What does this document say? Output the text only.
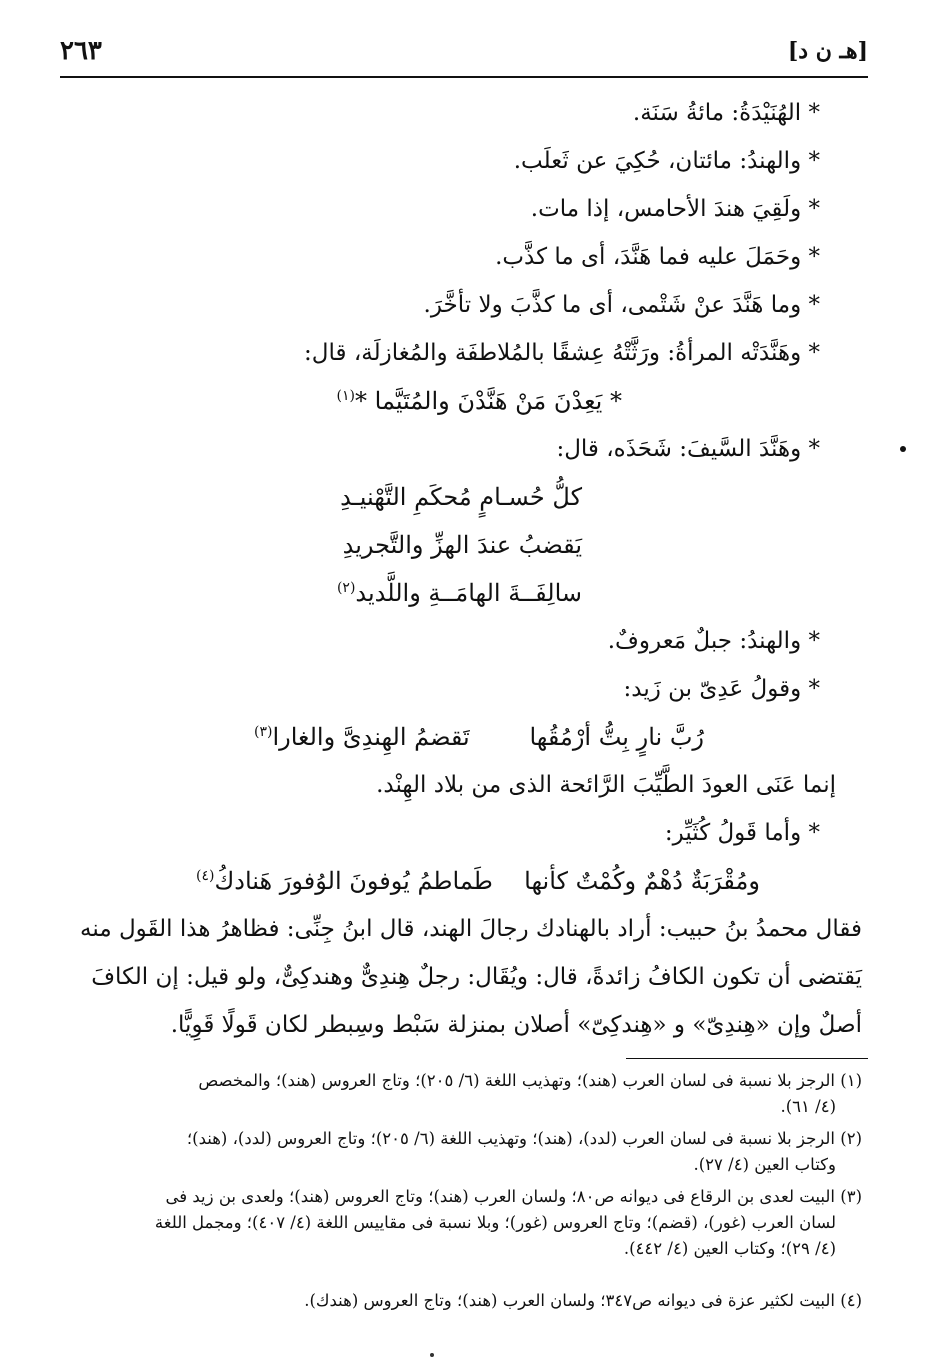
٢٦٣	[هـ ن د]
* الهُنَيْدَةُ: مائةُ سَنَة.
* والهندُ: مائتان، حُكِيَ عن ثَعلَب.
* ولَقِيَ هندَ الأحامس، إذا مات.
* وحَمَلَ عليه فما هَنَّدَ، أى ما كذَّب.
* وما هَنَّدَ عنْ شَتْمى، أى ما كذَّبَ ولا تأخَّرَ.
* وهَنَّدَتْه المرأةُ: ورَثَّتْهُ عِشقًا بالمُلاطفَة والمُغازلَة، قال:
* يَعِدْنَ مَنْ هَنَّدْنَ والمُتَيَّما *$^{(١)}$
* وهَنَّدَ السَّيفَ: شَحَذَه، قال:
كلُّ حُسـامٍ مُحكَمِ التَّهْنيـدِ
يَقضبُ عندَ الهزِّ والتَّجريدِ
سالِفَــةَ الهامَــةِ واللَّديد$^{(٢)}$
* والهندُ: جبلٌ مَعروفٌ.
* وقولُ عَدِىّ بن زَيد:
رُبَّ نارٍ بِتُّ أرْمُقُها
تَقضمُ الهِندِىَّ والغارا$^{(٣)}$
إنما عَنَى العودَ الطَّيِّبَ الرَّائحة الذى من بلاد الهِنْد.
* وأما قَولُ كُثَيِّر:
ومُقْرَبَةٌ دُهْمٌ وكُمْتٌ كأنها
طَماطمُ يُوفونَ الوُفورَ هَنادكُ$^{(٤)}$
فقال محمدُ بنُ حبيب: أراد بالهنادك رجالَ الهند، قال ابنُ جِنِّى: فظاهرُ هذا القَول منه
يَقتضى أن تكون الكافُ زائدةً، قال: ويُقَال: رجلٌ هِندِىٌّ وهندكِىٌّ، ولو قيل: إن الكافَ
أصلٌ وإن «هِندِىّ» و «هِندكِىّ» أصلان بمنزلة سَبْط وسِبطر لكان قَولًا قَوِيًّا.
(١) الرجز بلا نسبة فى لسان العرب (هند)؛ وتهذيب اللغة (٦/ ٢٠٥)؛ وتاج العروس (هند)؛ والمخصص
(٤/ ٦١).
(٢) الرجز بلا نسبة فى لسان العرب (لدد)، (هند)؛ وتهذيب اللغة (٦/ ٢٠٥)؛ وتاج العروس (لدد)، (هند)؛
وكتاب العين (٤/ ٢٧).
(٣) البيت لعدى بن الرقاع فى ديوانه ص٨٠؛ ولسان العرب (هند)؛ وتاج العروس (هند)؛ ولعدى بن زيد فى
لسان العرب (غور)، (قضم)؛ وتاج العروس (غور)؛ وبلا نسبة فى مقاييس اللغة (٤/ ٤٠٧)؛ ومجمل اللغة
(٤/ ٢٩)؛ وكتاب العين (٤/ ٤٤٢).
(٤) البيت لكثير عزة فى ديوانه ص٣٤٧؛ ولسان العرب (هند)؛ وتاج العروس (هندك).
